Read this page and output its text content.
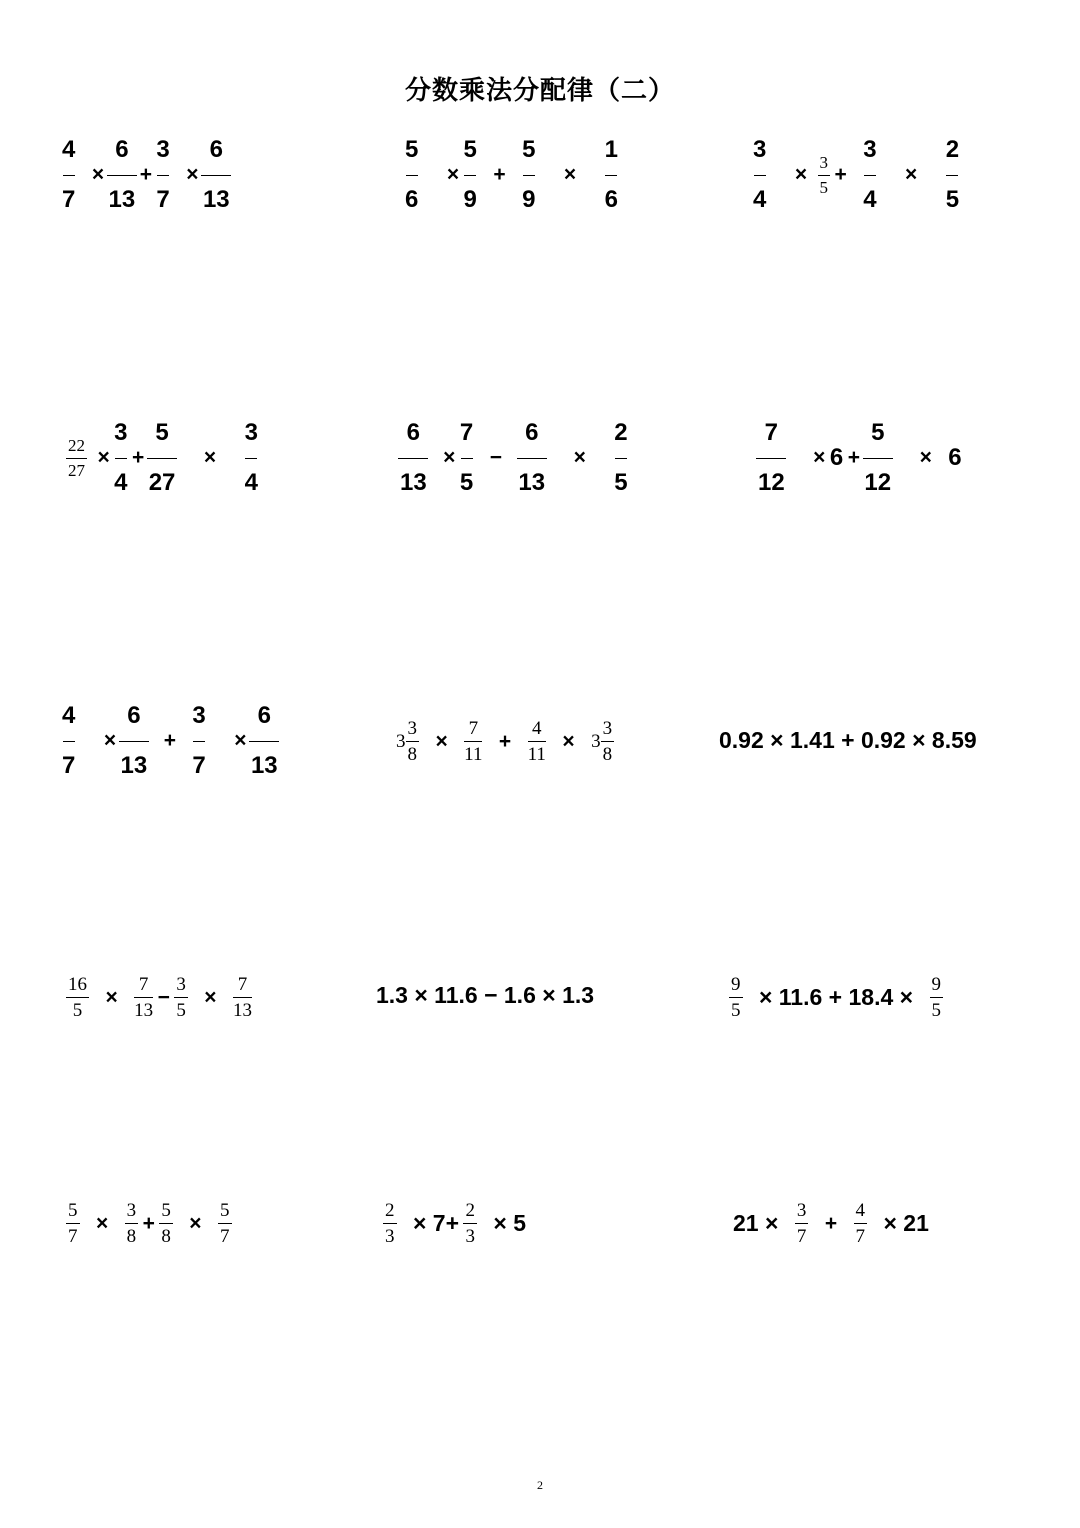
分数乘法分配律（二）
$\frac{4}{7} \times \frac{6}{13} + \frac{3}{7} \times \frac{6}{13}$	$\frac{5}{6} \times \frac{5}{9} + \frac{5}{9} \times \frac{1}{6}$	$\frac{3}{4} \times \frac{3}{5} + \frac{3}{4} \times \frac{2}{5}$
$\frac{22}{27} \times \frac{3}{4} + \frac{5}{27} \times \frac{3}{4}$	$\frac{6}{13} \times \frac{7}{5} - \frac{6}{13} \times \frac{2}{5}$	$\frac{7}{12} \times 6 + \frac{5}{12} \times 6$
$\frac{4}{7} \times \frac{6}{13} + \frac{3}{7} \times \frac{6}{13}$	$3 \frac{3}{8} \times \frac{7}{11} + \frac{4}{11} \times 3 \frac{3}{8}$	0.92 × 1.41 + 0.92 × 8.59
$\frac{16}{5} \times \frac{7}{13} - \frac{3}{5} \times \frac{7}{13}$	1.3 × 11.6 − 1.6 × 1.3	$\frac{9}{5} \times 11.6 + 18.4 \times \frac{9}{5}$
$\frac{5}{7} \times \frac{3}{8} + \frac{5}{8} \times \frac{5}{7}$	$\frac{2}{3} \times 7+ \frac{2}{3} \times 5$	$21 \times \frac{3}{7} + \frac{4}{7} \times 21$
2
